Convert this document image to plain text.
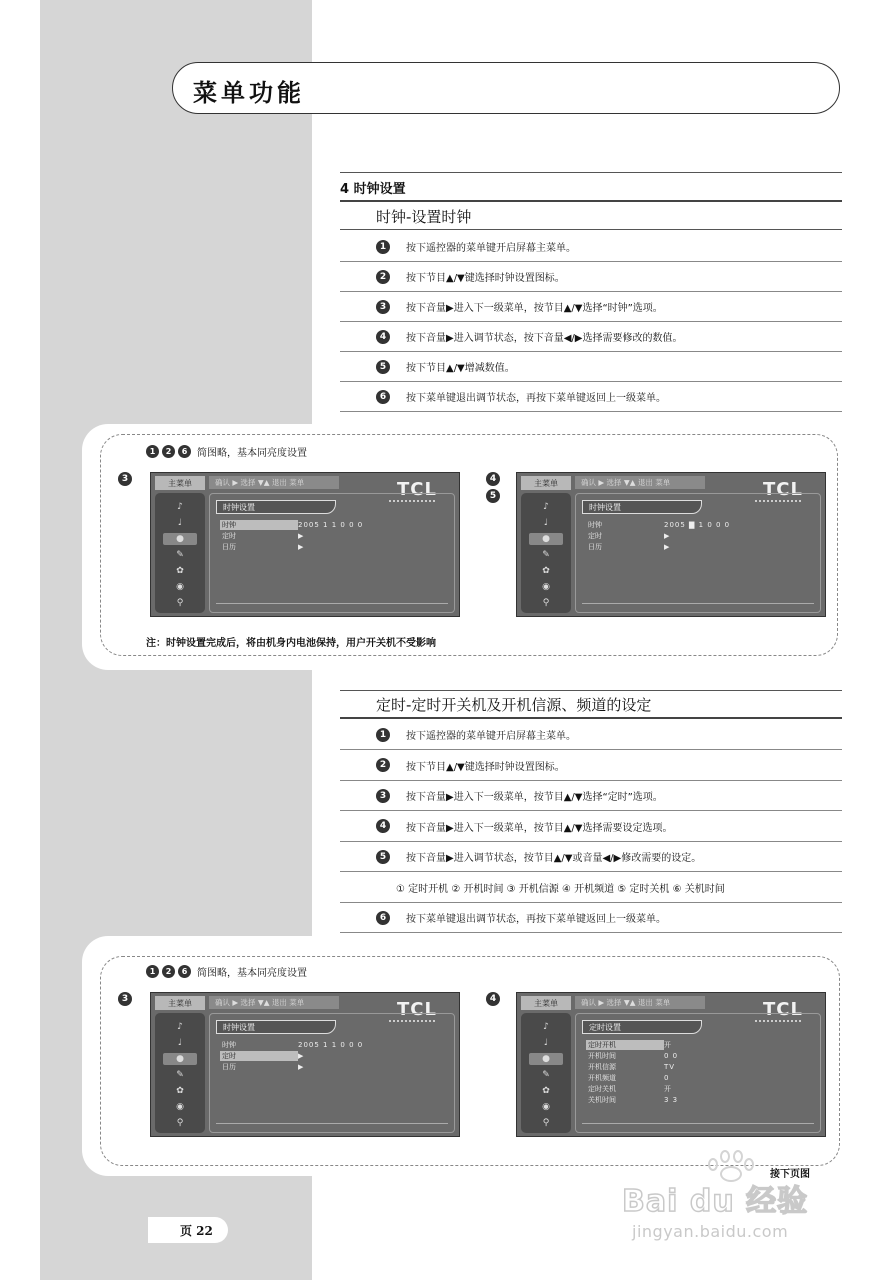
菜单功能
4 时钟设置
时钟-设置时钟
1	按下遥控器的菜单键开启屏幕主菜单。
2	按下节目▲/▼键选择时钟设置图标。
3	按下音量▶进入下一级菜单，按节目▲/▼选择“时钟”选项。
4	按下音量▶进入调节状态，按下音量◀/▶选择需要修改的数值。
5	按下节目▲/▼增减数值。
6	按下菜单键退出调节状态，再按下菜单键返回上一级菜单。
1	2	6 简图略，基本同亮度设置
3	4
5
主菜单
♪
♩
●
✎
✿
◉
⚲
确认 ▶ 选择 ▼▲ 退出 菜单	TCL
时钟设置
时钟	2005 1 1 0 0 0
定时	▶
日历	▶
主菜单
♪
♩
●
✎
✿
◉
⚲
确认 ▶ 选择 ▼▲ 退出 菜单	TCL
时钟设置
时钟	2005 ▇ 1 0 0 0
定时	▶
日历	▶
注：时钟设置完成后，将由机身内电池保持，用户开关机不受影响
定时-定时开关机及开机信源、频道的设定
1	按下遥控器的菜单键开启屏幕主菜单。
2	按下节目▲/▼键选择时钟设置图标。
3	按下音量▶进入下一级菜单，按节目▲/▼选择“定时”选项。
4	按下音量▶进入下一级菜单，按节目▲/▼选择需要设定选项。
5	按下音量▶进入调节状态，按节目▲/▼或音量◀/▶修改需要的设定。
① 定时开机 ② 开机时间 ③ 开机信源 ④ 开机频道 ⑤ 定时关机 ⑥ 关机时间
6	按下菜单键退出调节状态，再按下菜单键返回上一级菜单。
1	2	6 简图略，基本同亮度设置
3	4
主菜单
♪
♩
●
✎
✿
◉
⚲
确认 ▶ 选择 ▼▲ 退出 菜单	TCL
时钟设置
时钟	2005 1 1 0 0 0
定时	▶
日历	▶
主菜单
♪
♩
●
✎
✿
◉
⚲
确认 ▶ 选择 ▼▲ 退出 菜单	TCL
定时设置
定时开机	开
开机时间	0 0
开机信源	TV
开机频道	0
定时关机	开
关机时间	3 3
接下页图
页 22
Bai du 经验
jingyan.baidu.com
